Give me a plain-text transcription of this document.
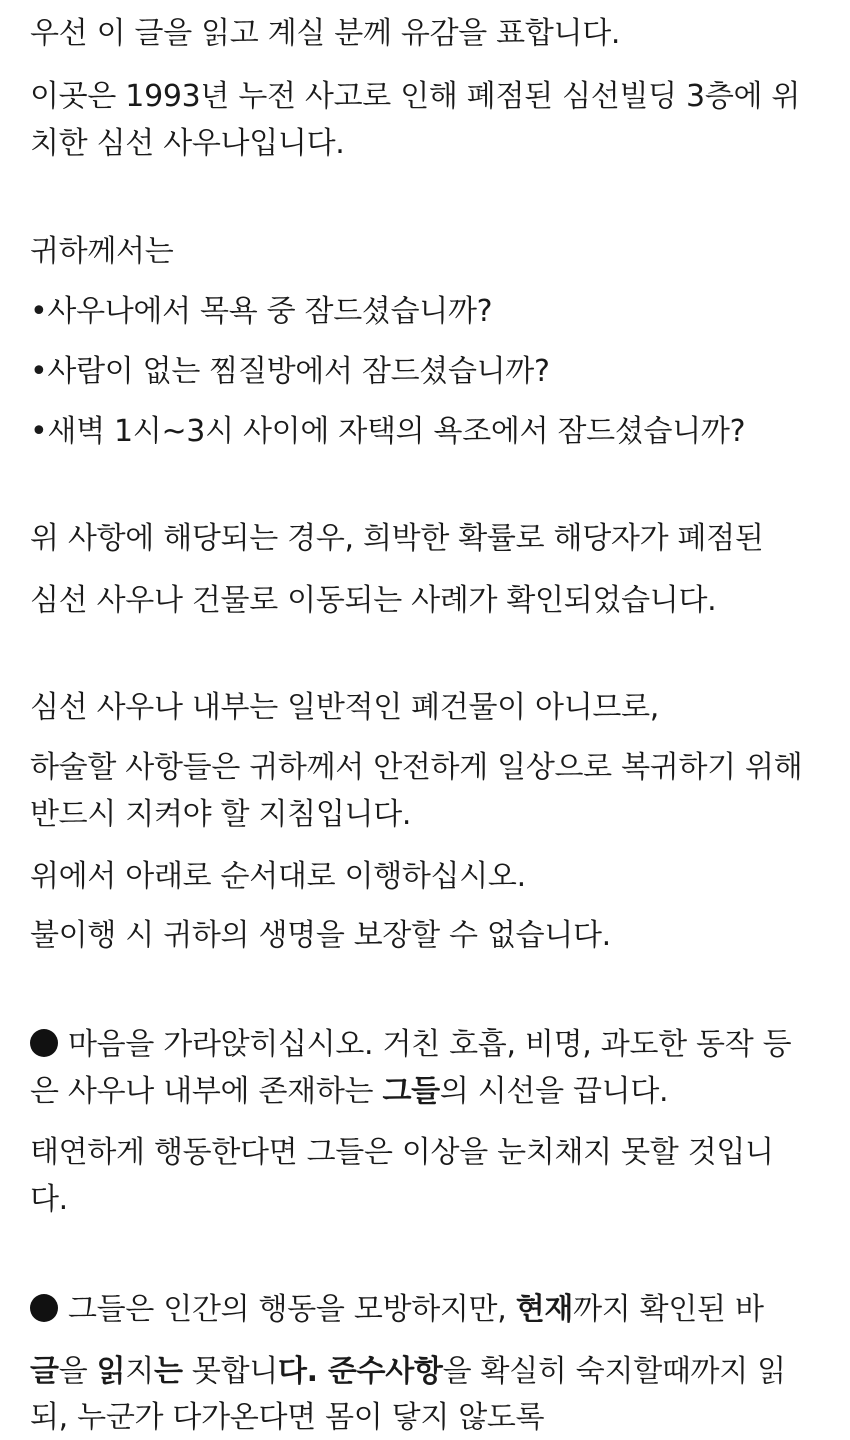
우선 이 글을 읽고 계실 분께 유감을 표합니다.
이곳은 1993년 누전 사고로 인해 폐점된 심선빌딩 3층에 위
치한 심선 사우나입니다.
귀하께서는
•사우나에서 목욕 중 잠드셨습니까?
•사람이 없는 찜질방에서 잠드셨습니까?
•새벽 1시~3시 사이에 자택의 욕조에서 잠드셨습니까?
위 사항에 해당되는 경우, 희박한 확률로 해당자가 폐점된
심선 사우나 건물로 이동되는 사례가 확인되었습니다.
심선 사우나 내부는 일반적인 폐건물이 아니므로,
하술할 사항들은 귀하께서 안전하게 일상으로 복귀하기 위해
반드시 지켜야 할 지침입니다.
위에서 아래로 순서대로 이행하십시오.
불이행 시 귀하의 생명을 보장할 수 없습니다.
마음을 가라앉히십시오. 거친 호흡, 비명, 과도한 동작 등
은 사우나 내부에 존재하는 그들의 시선을 끕니다.
태연하게 행동한다면 그들은 이상을 눈치채지 못할 것입니
다.
그들은 인간의 행동을 모방하지만, 현재까지 확인된 바
글을 읽지는 못합니다. 준수사항을 확실히 숙지할때까지 읽
되, 누군가 다가온다면 몸이 닿지 않도록
